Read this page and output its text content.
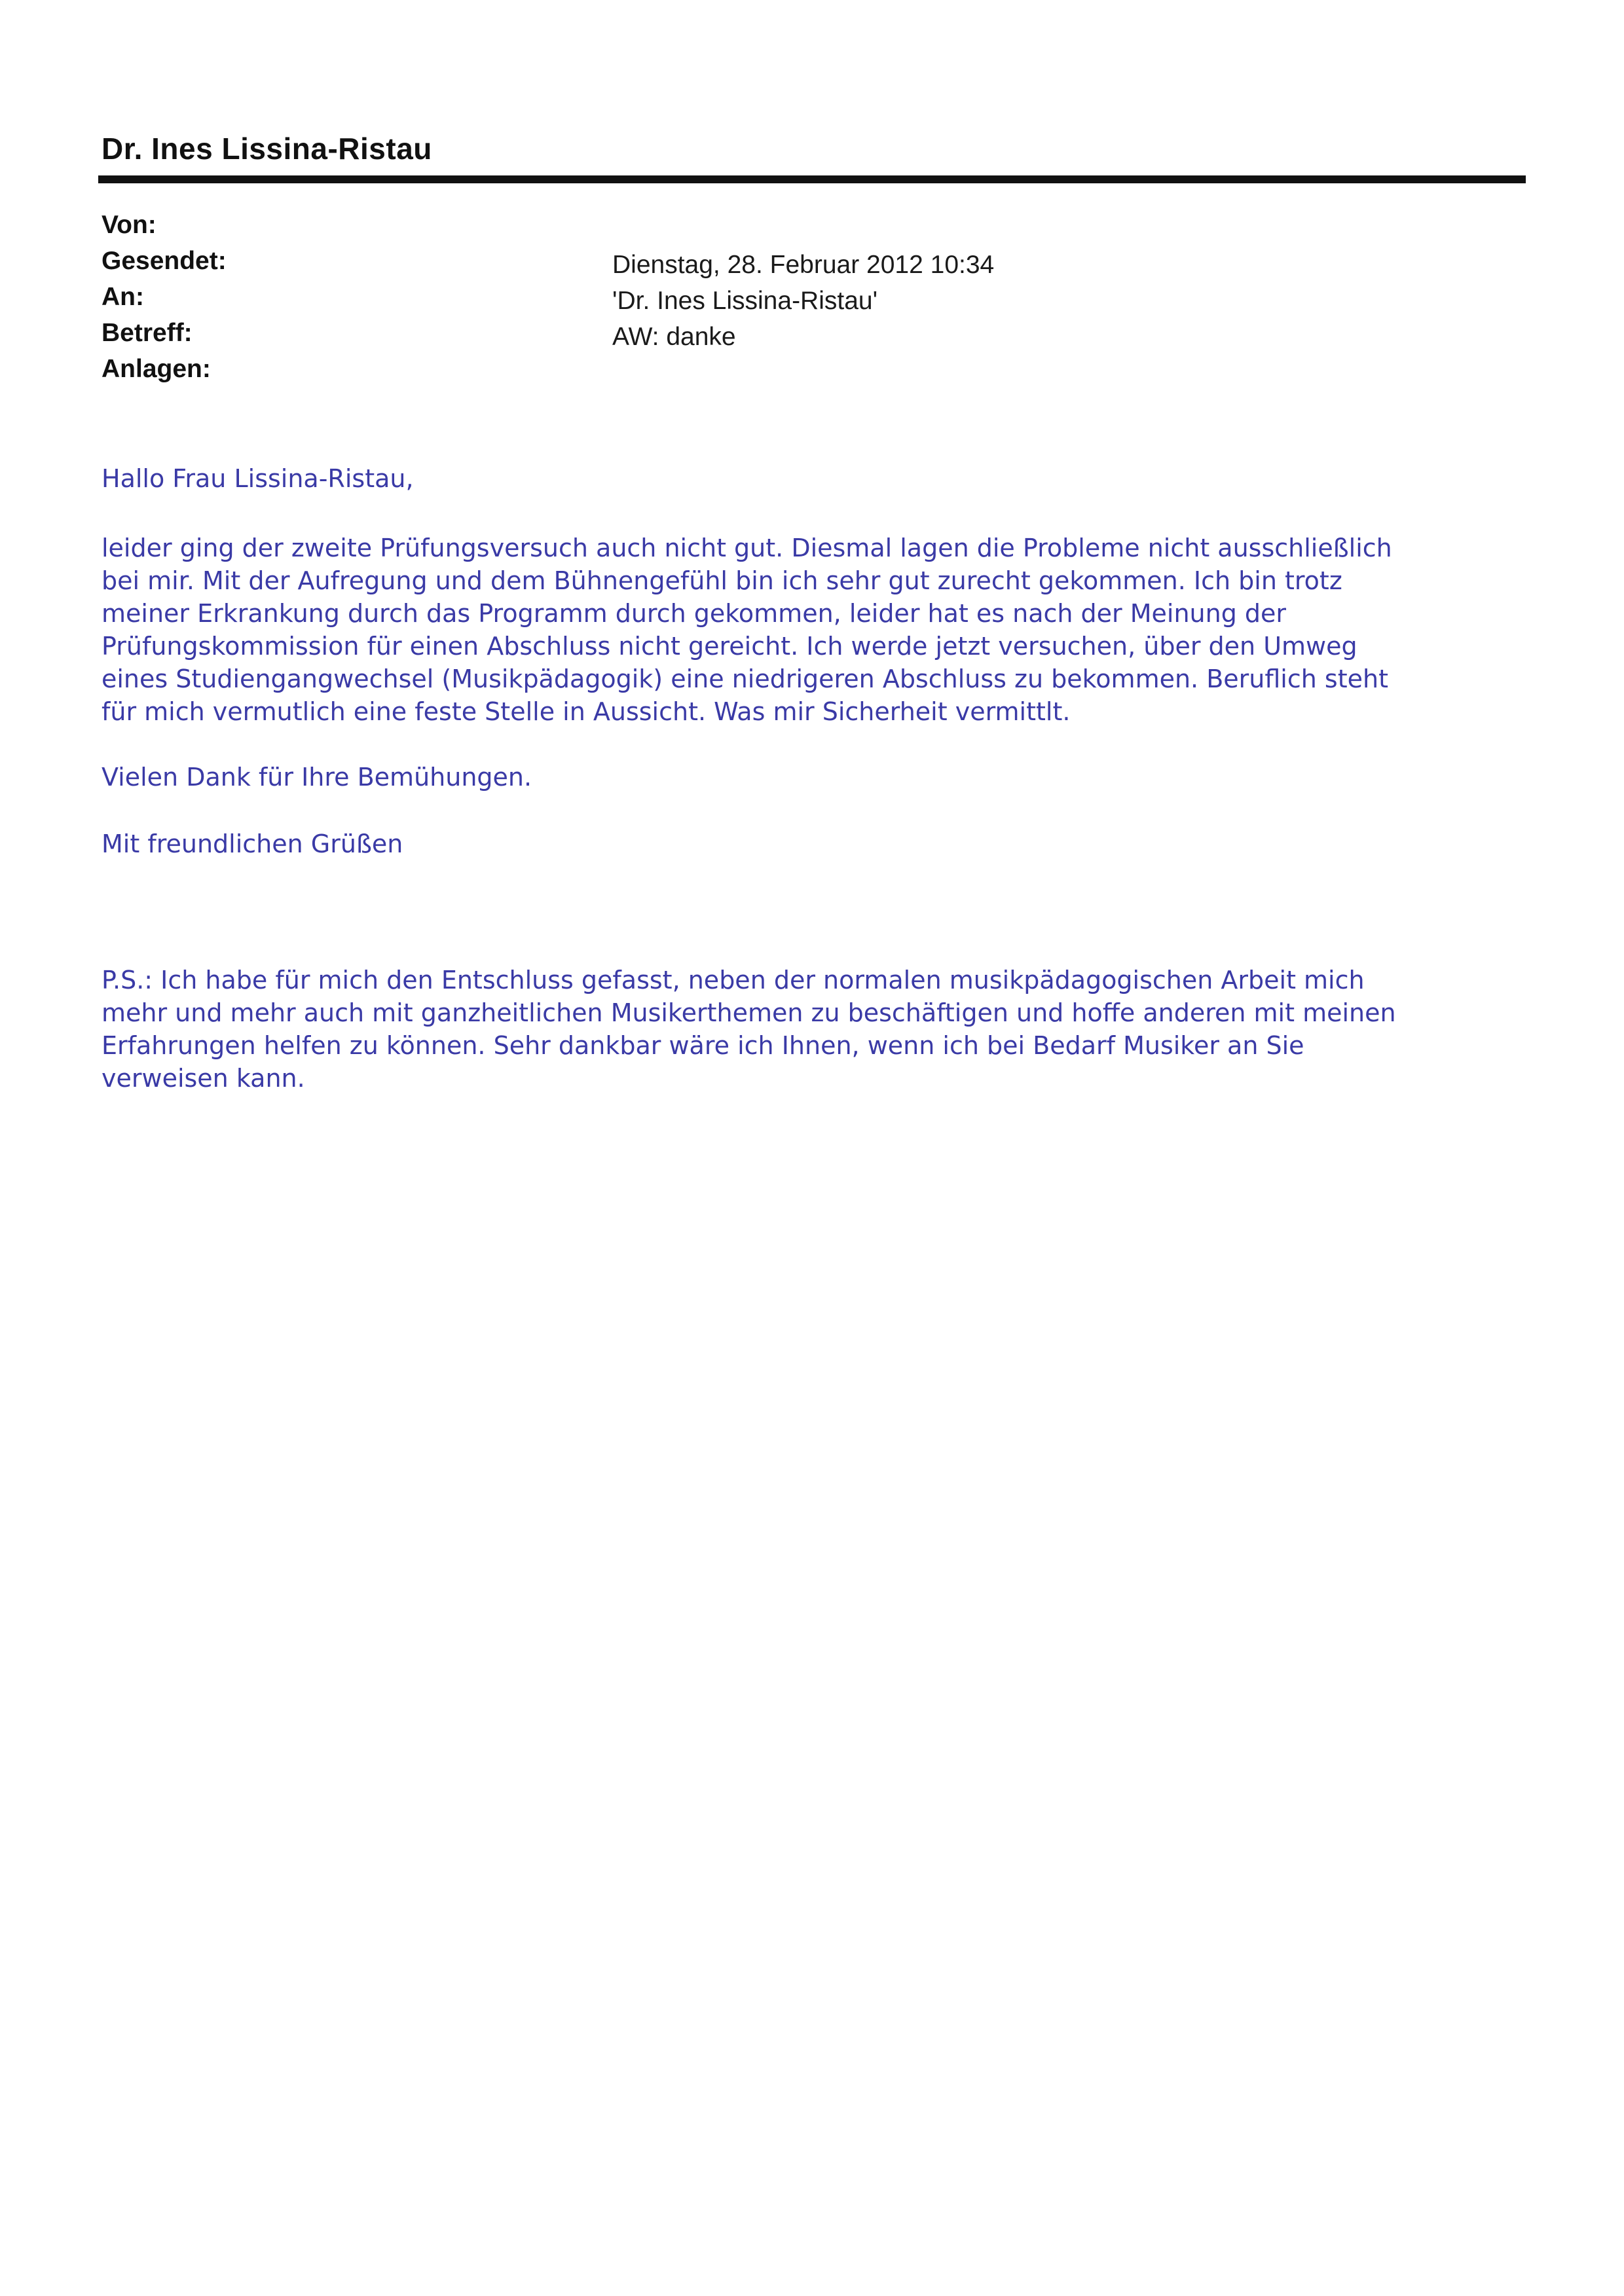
Dr. Ines Lissina-Ristau
Von:
Gesendet:	Dienstag, 28. Februar 2012 10:34
An:	'Dr. Ines Lissina-Ristau'
Betreff:	AW: danke
Anlagen:
Hallo Frau Lissina-Ristau,
leider ging der zweite Prüfungsversuch auch nicht gut. Diesmal lagen die Probleme nicht ausschließlich
bei mir. Mit der Aufregung und dem Bühnengefühl bin ich sehr gut zurecht gekommen. Ich bin trotz
meiner Erkrankung durch das Programm durch gekommen, leider hat es nach der Meinung der
Prüfungskommission für einen Abschluss nicht gereicht. Ich werde jetzt versuchen, über den Umweg
eines Studiengangwechsel (Musikpädagogik) eine niedrigeren Abschluss zu bekommen. Beruflich steht
für mich vermutlich eine feste Stelle in Aussicht. Was mir Sicherheit vermittlt.
Vielen Dank für Ihre Bemühungen.
Mit freundlichen Grüßen
P.S.: Ich habe für mich den Entschluss gefasst, neben der normalen musikpädagogischen Arbeit mich
mehr und mehr auch mit ganzheitlichen Musikerthemen zu beschäftigen und hoffe anderen mit meinen
Erfahrungen helfen zu können. Sehr dankbar wäre ich Ihnen, wenn ich bei Bedarf Musiker an Sie
verweisen kann.
